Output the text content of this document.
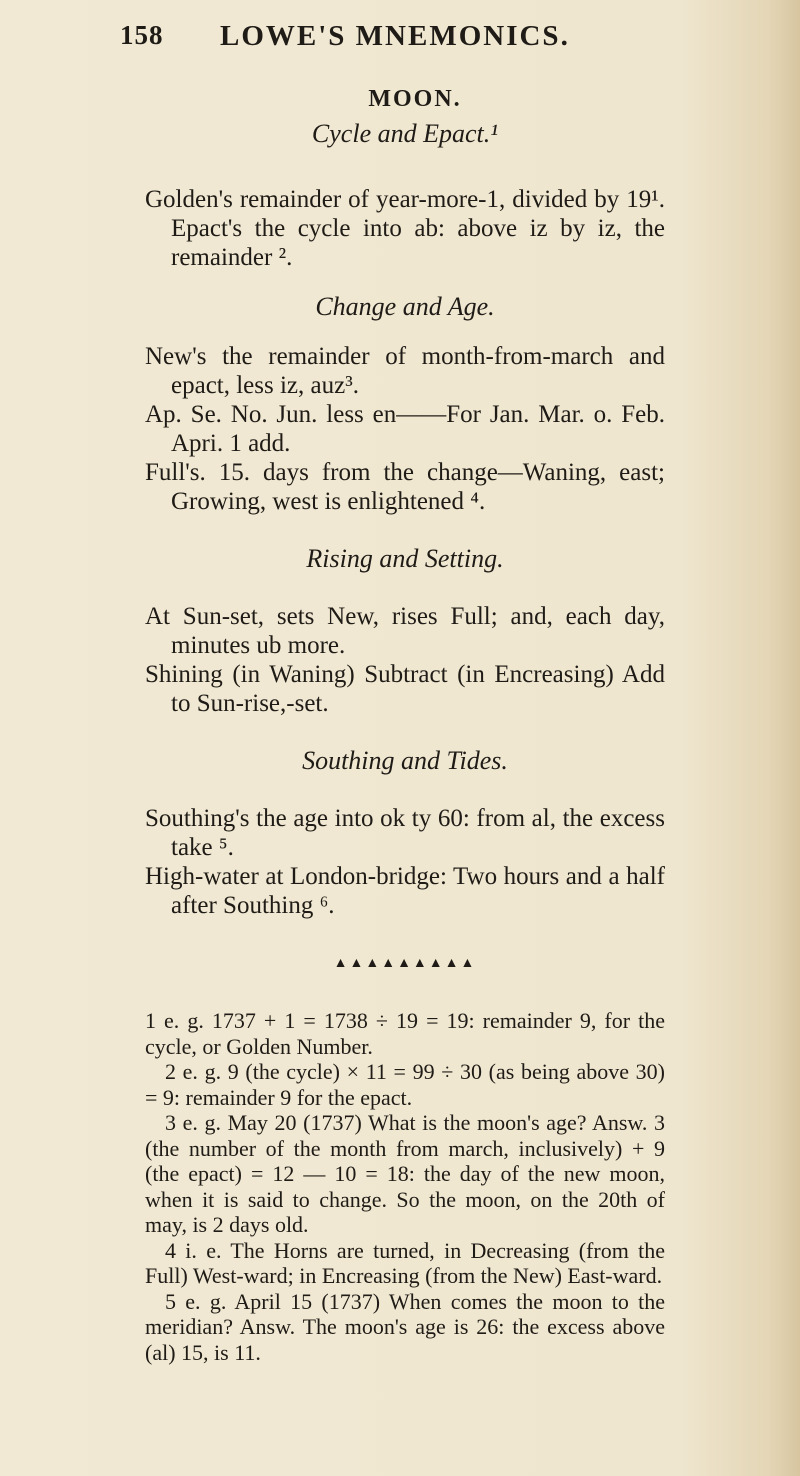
158 LOWE'S MNEMONICS.

MOON.

Cycle and Epact.¹

Golden's remainder of year-more-1, divided by 19¹. Epact's the cycle into ab: above iz by iz, the remainder ².

Change and Age.

New's the remainder of month-from-march and epact, less iz, auz³.

Ap. Se. No. Jun. less en——For Jan. Mar. o. Feb. Apri. 1 add.

Full's. 15. days from the change—Waning, east; Growing, west is enlightened ⁴.

Rising and Setting.

At Sun-set, sets New, rises Full; and, each day, minutes ub more.

Shining (in Waning) Subtract (in Encreasing) Add to Sun-rise,-set.

Southing and Tides.

Southing's the age into ok ty 60: from al, the excess take ⁵.

High-water at London-bridge: Two hours and a half after Southing ⁶.

▲▲▲▲▲▲▲▲▲

1 e. g. 1737 + 1 = 1738 ÷ 19 = 19: remainder 9, for the cycle, or Golden Number.

2 e. g. 9 (the cycle) × 11 = 99 ÷ 30 (as being above 30) = 9: remainder 9 for the epact.

3 e. g. May 20 (1737) What is the moon's age? Answ. 3 (the number of the month from march, inclusively) + 9 (the epact) = 12 — 10 = 18: the day of the new moon, when it is said to change. So the moon, on the 20th of may, is 2 days old.

4 i. e. The Horns are turned, in Decreasing (from the Full) West-ward; in Encreasing (from the New) East-ward.

5 e. g. April 15 (1737) When comes the moon to the meridian? Answ. The moon's age is 26: the excess above (al) 15, is 11.
